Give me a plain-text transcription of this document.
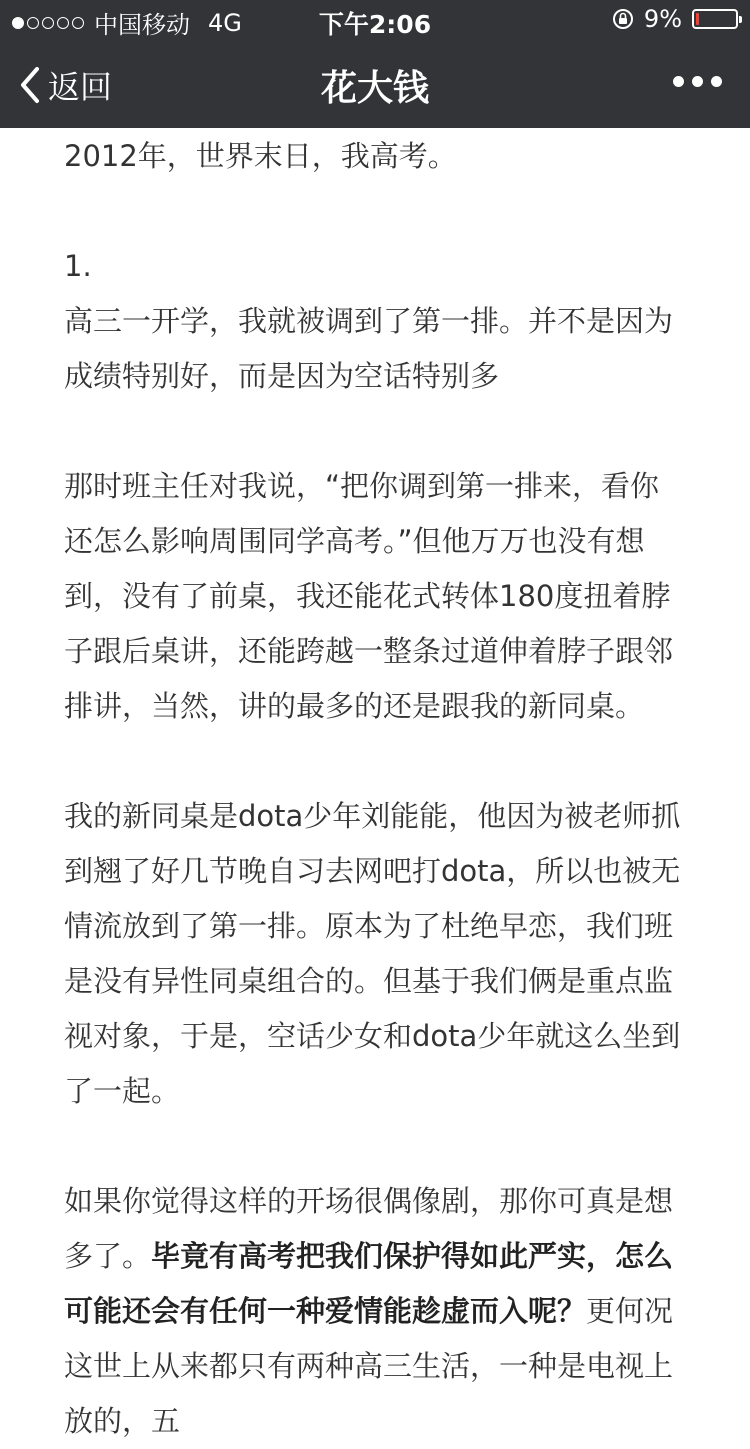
中国移动 4G	下午2:06	9%
返回	花大钱

2012年，世界末日，我高考。

1.

高三一开学，我就被调到了第一排。并不是因为成绩特别好，而是因为空话特别多

那时班主任对我说，“把你调到第一排来，看你还怎么影响周围同学高考。”但他万万也没有想到，没有了前桌，我还能花式转体180度扭着脖子跟后桌讲，还能跨越一整条过道伸着脖子跟邻排讲，当然，讲的最多的还是跟我的新同桌。

我的新同桌是dota少年刘能能，他因为被老师抓到翘了好几节晚自习去网吧打dota，所以也被无情流放到了第一排。原本为了杜绝早恋，我们班是没有异性同桌组合的。但基于我们俩是重点监视对象，于是，空话少女和dota少年就这么坐到了一起。

如果你觉得这样的开场很偶像剧，那你可真是想多了。毕竟有高考把我们保护得如此严实，怎么可能还会有任何一种爱情能趁虚而入呢？更何况这世上从来都只有两种高三生活，一种是电视上放的，五
